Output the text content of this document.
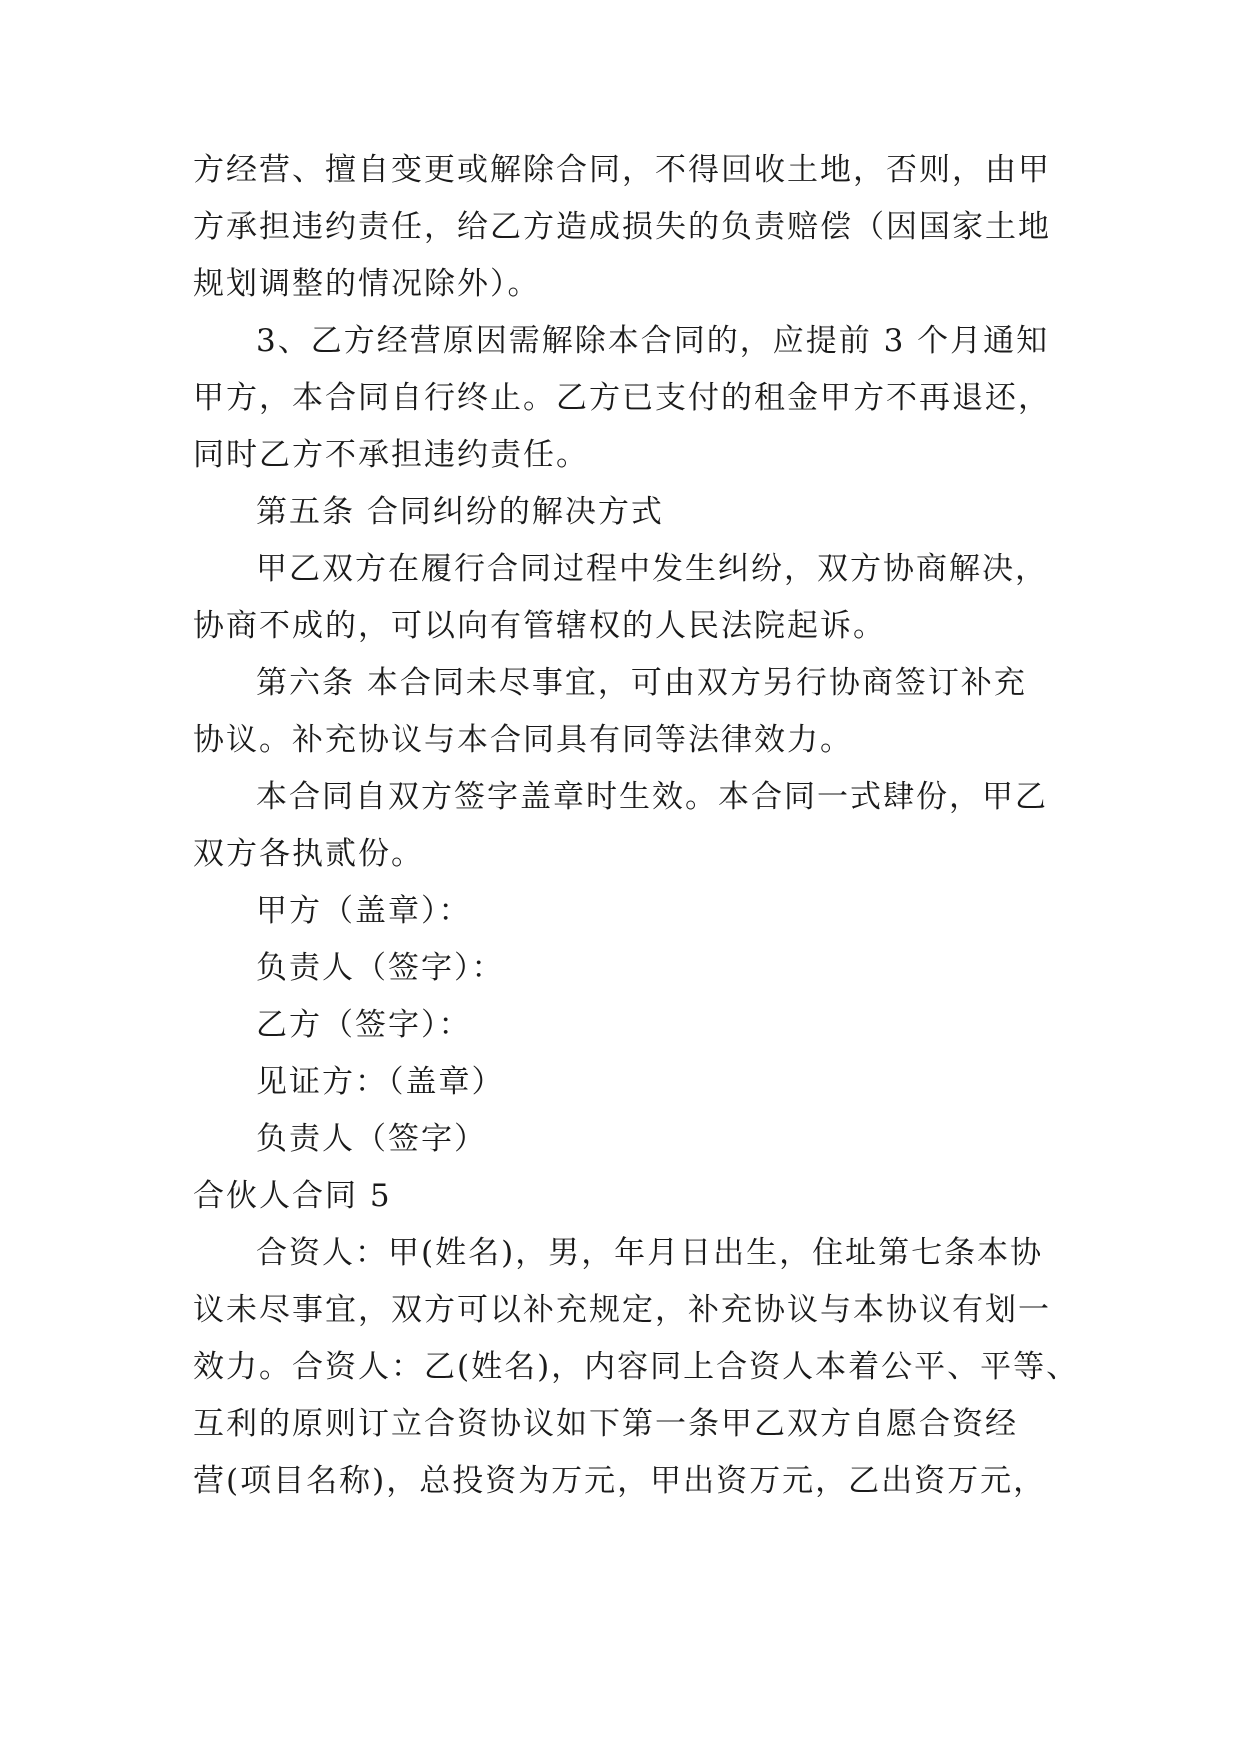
方经营、擅自变更或解除合同，不得回收土地，否则，由甲
方承担违约责任，给乙方造成损失的负责赔偿（因国家土地
规划调整的情况除外）。
3、乙方经营原因需解除本合同的，应提前 3 个月通知
甲方，本合同自行终止。乙方已支付的租金甲方不再退还，
同时乙方不承担违约责任。
第五条 合同纠纷的解决方式
甲乙双方在履行合同过程中发生纠纷，双方协商解决，
协商不成的，可以向有管辖权的人民法院起诉。
第六条 本合同未尽事宜，可由双方另行协商签订补充
协议。补充协议与本合同具有同等法律效力。
本合同自双方签字盖章时生效。本合同一式肆份，甲乙
双方各执贰份。
甲方（盖章）：
负责人（签字）：
乙方（签字）：
见证方：（盖章）
负责人（签字）
合伙人合同 5
合资人：甲(姓名)，男，年月日出生，住址第七条本协
议未尽事宜，双方可以补充规定，补充协议与本协议有划一
效力。合资人：乙(姓名)，内容同上合资人本着公平、平等、
互利的原则订立合资协议如下第一条甲乙双方自愿合资经
营(项目名称)，总投资为万元，甲出资万元，乙出资万元，
